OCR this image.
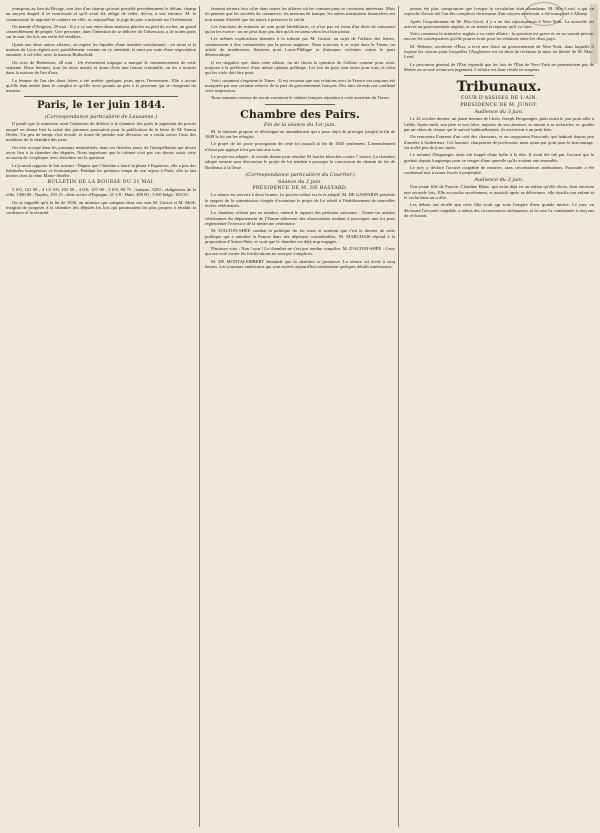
transports au lieu du Rivage, non loin d'un champ qu'avait possédé précédemment le défunt, champ au moyen duquel il se nourrissait et qu'il avait été obligé de céder, dit-on, à son enfance. M. le commissaire fit apporter le cadavre en ville, et, aujourd'hui, le juge de paix a informé sur l'évènement.

On mande d'Avignon, 29 mai : Il y a ce soir entre deux maisons placées au pied du rocher, un grand rassemblement de peuple. Une personne, dans l'intention de se délivrer de l'obsession, a de toutes parts sur le mur, les lois ont enfin été rétablies.

Quant aux deux autres affaires, on espère les liquider d'une manière satisfaisante ; on saura si la maison du Lyon régnait avec paisiblement, comme on s'y attendait, la mort par suite d'une négociation entamée, à cet effet, avec la maison Rothschild.

On écrit de Bedarieux, 28 mai : Un événement tragique a marqué le commencement de cette semaine. Deux femmes, tous les deux mariés et ayant d'eux une liaison criminelle, on les a trouvés dans la maison de l'un d'eux.

La femme de l'un des deux frères a été arrêtée quelques jours après l'événement. Elle a avoué qu'elle était entrée dans le complot et qu'elle avait promis un prix à la personne qui se chargerait du meurtre.

Paris, le 1er juin 1844.
(Correspondance particulière de Lausanne.)

Il paraît que le ministère avait l'intention de différer à la chambre des pairs le jugement du procès auquel on donne lieu la saisie des journaux poursuivis pour la publication de la lettre de M. Simon Deifer. Un peu de temps s'est écoulé, et avant de prendre une décision, on a voulu savoir l'avis des membres de la chambre des pairs.

On s'est occupé dans les journaux ministériels, dans ces derniers jours, de l'interpellation qui devait avoir lieu à la chambre des députés. Nous regrettons que le cabinet n'ait pas cru devoir saisir cette occasion de s'expliquer avec franchise sur la question.

Le journal rapporte le fait suivant : Depuis que Christine a lancé la phase à Espartero, elle a pris des habitudes bourgeoises et économiques. Pendant les premiers temps de son séjour à Paris, elle se fait inviter chez la reine Marie-Amélie.

BULLETIN DE LA BOURSE DU 31 MAI.

5 0/0, 121 95 ; 4 1/2 0/0, 103 50 ; 4 0/0, 107 00 ; 3 0/0, 80 75 ; banque, 3250 ; obligations de la ville, 1300 00 ; Naples, 103 15 ; dette active d'Espagne, 31 1/8 ; Haïti, 400 00 ; 5 0/0 belge, 103 50.

On se rappelle qu'à la fin de 1836, un ministre qui comptait dans son sein M. Guizot et M. Molé, imagina de proposer à la chambre des députés les lois qui paraissaient les plus propres à rétablir la confiance et la sécurité.

feraient sérieux leur offre dans toutes les affaires où les commerçants se croiraient intéressés. Mais ils pensent que les sociétés du commerce, les maisons de banque, les autres institutions financières ont tout autant d'intérêt que les autres à préserver le crédit.

Les fonctions de ministre ne sont point héréditaires, ce n'est pas en vertu d'un droit de naissance qu'on les exerce ; on ne peut donc pas dire qu'ils en usent selon leur bon plaisir.

Les mêmes explications données à la tribune par M. Guizot, au sujet de l'affaire des lettres, commencent à être commentées par la presse anglaise. Nous trouvons à ce sujet dans le Times, un article de nombreuses flatteries pour Louis-Philippe et d'attaques violentes contre le parti démocratique.

Il est singulier que, dans cette affaire, on ait choisi la question de l'affaire comme pour avoir toujours à la préférence d'une même opinion politique. Les lois du pays sont faites pour tous, et celui qui les viole doit être puni.

Voici comment s'exprime le Times : Il est reconnu que nos relations avec la France ont toujours été marquées par une certaine réserve de la part du gouvernement français. Des faits récents ont confirmé cette impression.

Nous sommes curieux de savoir comment le cabinet français répondra à cette assertion du Times.

Chambre des Pairs.
Fin de la séance du 1er juin.

M. le ministre propose et développe un amendement qui a pour objet de proroger jusqu'à la fin de 1849 la loi sur les réfugiés.

Le projet de loi porte prorogation de cette loi jusqu'à la fin de 1845 seulement. L'amendement n'étant pas appuyé n'est pas mis aux voix.

Le projet est adopté ; le scrutin donne pour résultat 94 boules blanches contre 7 noires. La chambre adopte ensuite sans discussion le projet de loi tendant à proroger la concession du chemin de fer de Bordeaux à la Teste.

(Correspondance particulière du Courrier.)
Séance du 2 juin.
PRÉSIDENCE DE M. DE BASTARD.

La séance est ouverte à deux heures. Le procès-verbal est lu et adopté. M. DE GASPARIN présente le rapport de la commission chargée d'examiner le projet de loi relatif à l'établissement de nouvelles écoles vétérinaires.

La chambre, n'étant pas en nombre, entend le rapport des pétitions suivantes : Trente-six artistes vétérinaires du département de l'Yonne adressent des observations tendant à provoquer une loi pour réglementer l'exercice de la médecine vétérinaire.

M. D'ALTON-SHÉE combat la politique du 1er mars et soutient que c'est le dernier de cette politique qui a entraîné la France dans des dépenses considérables. M. MARCHAIS répond à la proposition d'Anton-Shée, et croit que la chambre est déjà trop engagée.

Plusieurs voix : Non ! non ! La chambre ne s'est pas rendue complice. M. D'ALTON-SHÉE : Ceux qui ont voté contre les fortifications ne sont pas complices.

M. DE MONTALEMBERT demande que la chambre se prononce. La séance est levée à cinq heures. Les journaux américains qui sont arrivés aujourd'hui contiennent quelques détails intéressants.

jamais été plus compromise que lorsque la circulation était abondante. M. Mac-Leod, à qui on reproche d'avoir été l'un des complices du meurtre d'un citoyen américain, a été transporté à Albany.

Après l'acquittement de M. Mac-Leod, il y a eu des réjouissances à New-York. La nouvelle est arrivée au gouvernement anglais, et on attend la réponse qu'il va faire.

Voici comment le ministère anglais a vu cette affaire : la question est grave et on ne saurait prévoir encore les conséquences qu'elle pourra avoir pour les relations entre les deux pays.

M. Webster, secrétaire d'État, a écrit une lettre au gouvernement de New-York, dans laquelle il expose les raisons pour lesquelles l'Angleterre est en droit de réclamer la mise en liberté de M. Mac-Leod.

Le procureur général de l'État répondit que les lois de l'État de New-York ne permettaient pas de libérer un accusé avant son jugement. L'affaire est donc restée en suspens.

Tribunaux.
COUR D'ASSISES DE L'AIN.
PRÉSIDENCE DE M. JUNOT.
Audience du 3 juin.

Le 24 octobre dernier, un jeune homme de Lhuis, Joseph Desgranges, parti avant le jour pour aller à l'affût. Après midi, son père et son frère, inquiets de son absence, se mirent à sa recherche, et, guidés par un chien de chasse qui le suivait habituellement, ils arrivèrent à un petit bois.

On rencontra Fontenu d'un coté des chasseurs, et on soupçonna Fourcade, qui habitait depuis peu d'années à Ambérieux. Cet homme, charpentier de profession, mais ayant par goût pour le braconnage, fut arrêté peu de jours après.

Le nommé Desgranges avait été frappé d'une balle à la tête. Il avait été tué par l'accusé qui le guettait depuis longtemps pour se venger d'une querelle qu'ils avaient eue ensemble.

Le jury a déclaré l'accusé coupable de meurtre, sans circonstances atténuantes. Fourcade a été condamné aux travaux forcés à perpétuité.

Audience du 3 juin.

Une jeune fille de Poncin, Claudine Blanc, qui avait déjà eu un enfant qu'elle éleva, était enceinte une seconde fois. Elle accoucha secrètement, et aussitôt après sa délivrance, elle étouffa son enfant et le cacha dans un coffre.

Les débats ont révélé que cette fille avait agi sous l'empire d'une grande misère. Le jury, en déclarant l'accusée coupable, a admis des circonstances atténuantes, et la cour l'a condamnée à cinq ans de réclusion.
